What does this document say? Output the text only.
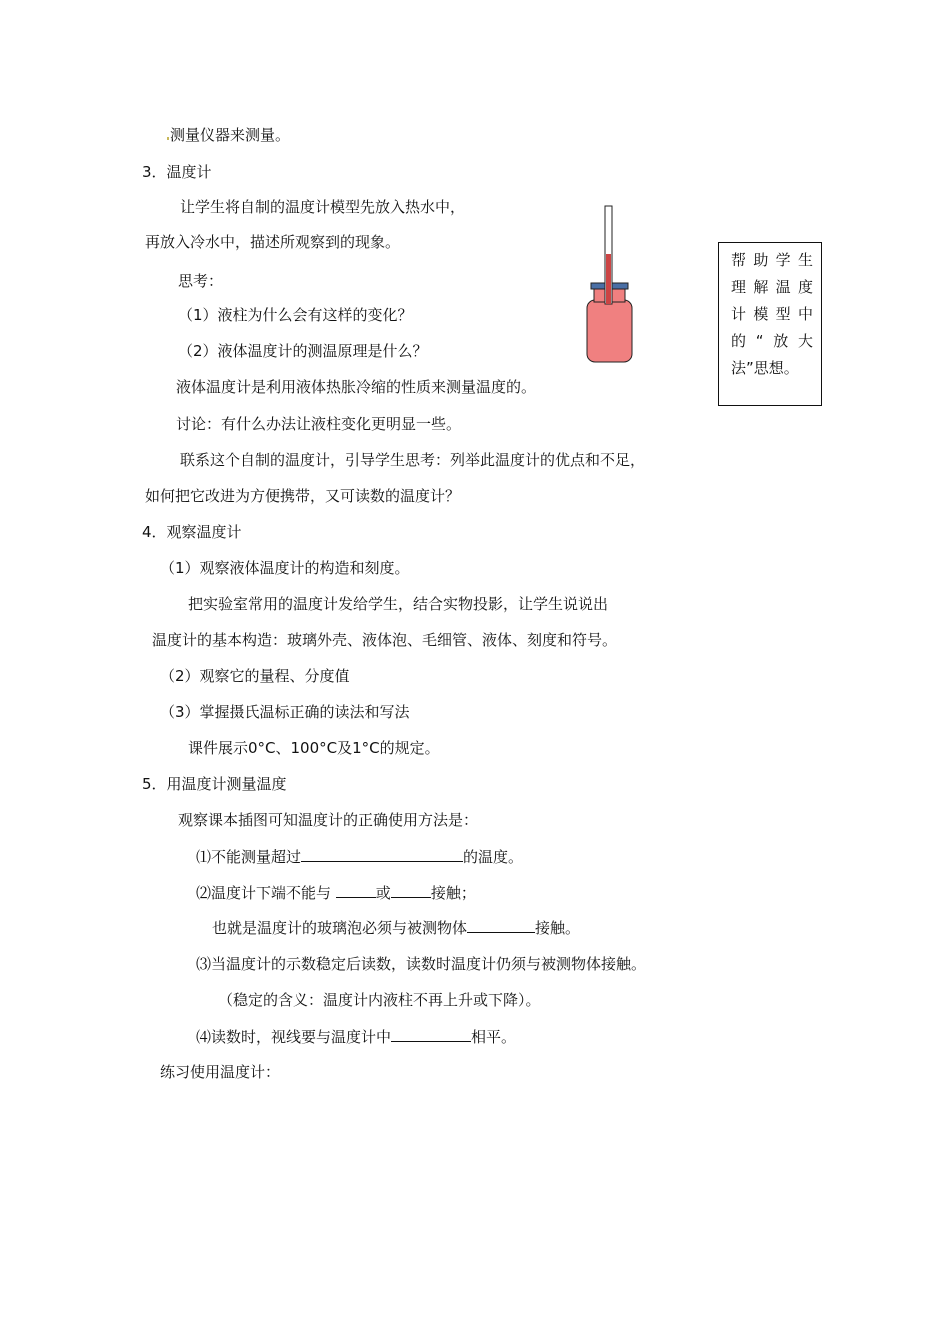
测量仪器来测量。
3．温度计
让学生将自制的温度计模型先放入热水中，
再放入冷水中，描述所观察到的现象。
思考：
（1）液柱为什么会有这样的变化？
（2）液体温度计的测温原理是什么？
液体温度计是利用液体热胀冷缩的性质来测量温度的。
讨论：有什么办法让液柱变化更明显一些。
联系这个自制的温度计，引导学生思考：列举此温度计的优点和不足，
如何把它改进为方便携带，又可读数的温度计？
4．观察温度计
（1）观察液体温度计的构造和刻度。
把实验室常用的温度计发给学生，结合实物投影，让学生说说出
温度计的基本构造：玻璃外壳、液体泡、毛细管、液体、刻度和符号。
（2）观察它的量程、分度值
（3）掌握摄氏温标正确的读法和写法
课件展示0°C、100°C及1°C的规定。
5．用温度计测量温度
观察课本插图可知温度计的正确使用方法是：
⑴不能测量超过	的温度。
⑵温度计下端不能与	或	接触；
也就是温度计的玻璃泡必须与被测物体	接触。
⑶当温度计的示数稳定后读数，读数时温度计仍须与被测物体接触。
（稳定的含义：温度计内液柱不再上升或下降）。
⑷读数时，视线要与温度计中	相平。
练习使用温度计：
帮助学生
理解温度
计模型中
的“放大
法”思想。
